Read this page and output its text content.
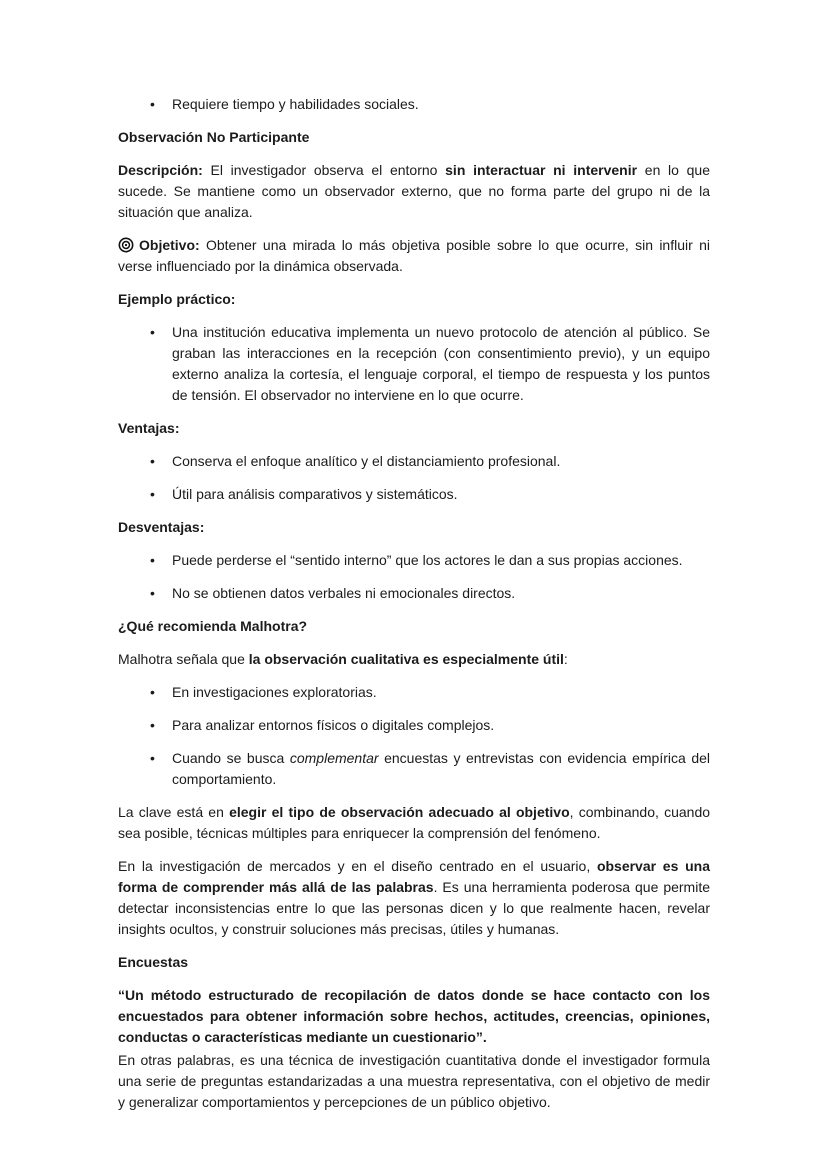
•	Requiere tiempo y habilidades sociales.

Observación No Participante

Descripción: El investigador observa el entorno sin interactuar ni intervenir en lo que sucede. Se mantiene como un observador externo, que no forma parte del grupo ni de la situación que analiza.

Objetivo: Obtener una mirada lo más objetiva posible sobre lo que ocurre, sin influir ni verse influenciado por la dinámica observada.

Ejemplo práctico:

•	Una institución educativa implementa un nuevo protocolo de atención al público. Se graban las interacciones en la recepción (con consentimiento previo), y un equipo externo analiza la cortesía, el lenguaje corporal, el tiempo de respuesta y los puntos de tensión. El observador no interviene en lo que ocurre.

Ventajas:

•	Conserva el enfoque analítico y el distanciamiento profesional.
•	Útil para análisis comparativos y sistemáticos.

Desventajas:

•	Puede perderse el “sentido interno” que los actores le dan a sus propias acciones.
•	No se obtienen datos verbales ni emocionales directos.

¿Qué recomienda Malhotra?

Malhotra señala que la observación cualitativa es especialmente útil:

•	En investigaciones exploratorias.
•	Para analizar entornos físicos o digitales complejos.
•	Cuando se busca complementar encuestas y entrevistas con evidencia empírica del comportamiento.

La clave está en elegir el tipo de observación adecuado al objetivo, combinando, cuando sea posible, técnicas múltiples para enriquecer la comprensión del fenómeno.

En la investigación de mercados y en el diseño centrado en el usuario, observar es una forma de comprender más allá de las palabras. Es una herramienta poderosa que permite detectar inconsistencias entre lo que las personas dicen y lo que realmente hacen, revelar insights ocultos, y construir soluciones más precisas, útiles y humanas.

Encuestas

“Un método estructurado de recopilación de datos donde se hace contacto con los encuestados para obtener información sobre hechos, actitudes, creencias, opiniones, conductas o características mediante un cuestionario”.

En otras palabras, es una técnica de investigación cuantitativa donde el investigador formula una serie de preguntas estandarizadas a una muestra representativa, con el objetivo de medir y generalizar comportamientos y percepciones de un público objetivo.
